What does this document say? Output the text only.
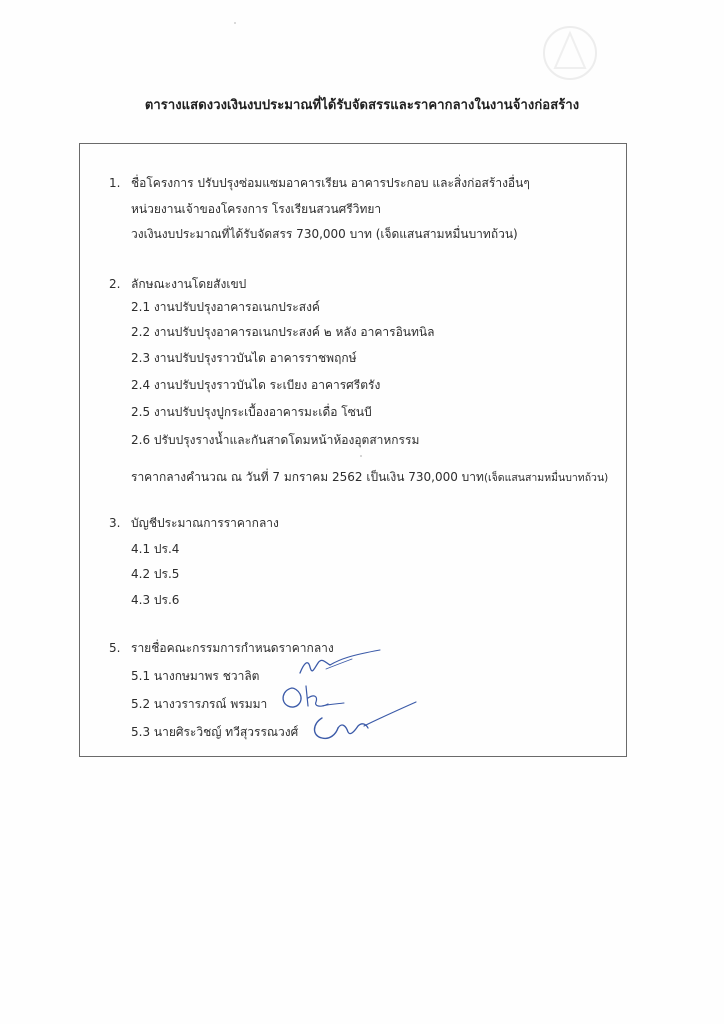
ตารางแสดงวงเงินงบประมาณที่ได้รับจัดสรรและราคากลางในงานจ้างก่อสร้าง
1. ชื่อโครงการ ปรับปรุงซ่อมแซมอาคารเรียน อาคารประกอบ และสิ่งก่อสร้างอื่นๆ
หน่วยงานเจ้าของโครงการ โรงเรียนสวนศรีวิทยา
วงเงินงบประมาณที่ได้รับจัดสรร 730,000 บาท (เจ็ดแสนสามหมื่นบาทถ้วน)
2. ลักษณะงานโดยสังเขป
2.1 งานปรับปรุงอาคารอเนกประสงค์
2.2 งานปรับปรุงอาคารอเนกประสงค์ ๒ หลัง อาคารอินทนิล
2.3 งานปรับปรุงราวบันได อาคารราชพฤกษ์
2.4 งานปรับปรุงราวบันได ระเบียง อาคารศรีตรัง
2.5 งานปรับปรุงปูกระเบื้องอาคารมะเดื่อ โซนบี
2.6 ปรับปรุงรางน้ำและกันสาดโดมหน้าห้องอุตสาหกรรม
ราคากลางคำนวณ ณ วันที่ 7 มกราคม 2562 เป็นเงิน 730,000 บาท(เจ็ดแสนสามหมื่นบาทถ้วน)
3. บัญชีประมาณการราคากลาง
4.1 ปร.4
4.2 ปร.5
4.3 ปร.6
5. รายชื่อคณะกรรมการกำหนดราคากลาง
5.1 นางกษมาพร ชวาลิต
5.2 นางวรารภรณ์ พรมมา
5.3 นายศิระวิชญ์ ทวีสุวรรณวงศ์
